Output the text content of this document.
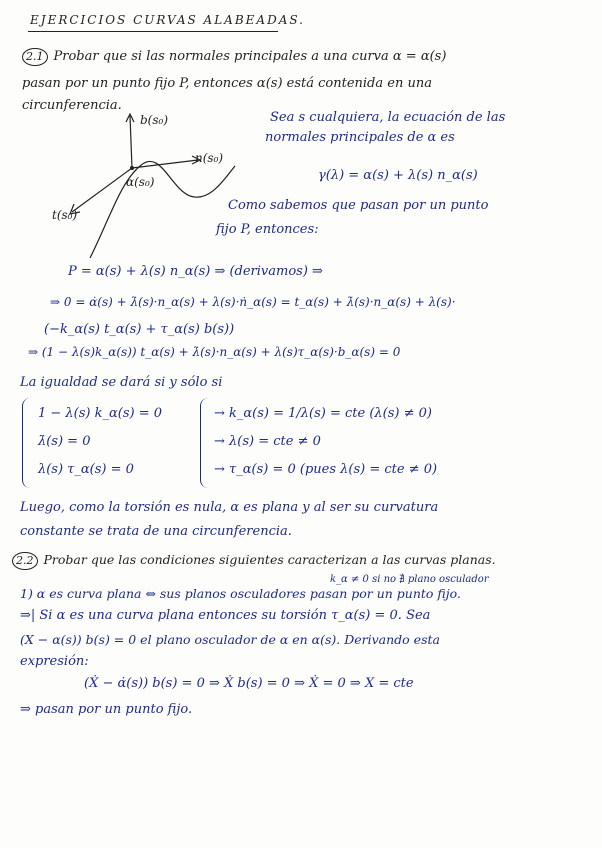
EJERCICIOS CURVAS ALABEADAS.
2.1 Probar que si las normales principales a una curva α = α(s)
pasan por un punto fijo P, entonces α(s) está contenida en una
circunferencia.
b(s₀)
n(s₀)
α(s₀)
t(s₀)
Sea s cualquiera, la ecuación de las
normales principales de α es
γ(λ) = α(s) + λ(s) n_α(s)
Como sabemos que pasan por un punto
fijo P, entonces:
P = α(s) + λ(s) n_α(s) ⇒ (derivamos) ⇒
⇒ 0 = α̇(s) + λ̇(s)·n_α(s) + λ(s)·ṅ_α(s) = t_α(s) + λ̇(s)·n_α(s) + λ(s)·
(−k_α(s) t_α(s) + τ_α(s) b(s))
⇒ (1 − λ(s)k_α(s)) t_α(s) + λ̇(s)·n_α(s) + λ(s)τ_α(s)·b_α(s) = 0
La igualdad se dará si y sólo si
1 − λ(s) k_α(s) = 0
λ̇(s) = 0
λ(s) τ_α(s) = 0
→ k_α(s) = 1/λ(s) = cte (λ(s) ≠ 0)
→ λ(s) = cte ≠ 0
→ τ_α(s) = 0 (pues λ(s) = cte ≠ 0)
Luego, como la torsión es nula, α es plana y al ser su curvatura
constante se trata de una circunferencia.
2.2 Probar que las condiciones siguientes caracterizan a las curvas planas.
k_α ≠ 0 si no ∄ plano osculador
1) α es curva plana ⇔ sus planos osculadores pasan por un punto fijo.
⇒| Si α es una curva plana entonces su torsión τ_α(s) = 0. Sea
(X − α(s)) b(s) = 0 el plano osculador de α en α(s). Derivando esta
expresión:
(Ẋ − α̇(s)) b(s) = 0 ⇒ Ẋ b(s) = 0 ⇒ Ẋ = 0 ⇒ X = cte
⇒ pasan por un punto fijo.
